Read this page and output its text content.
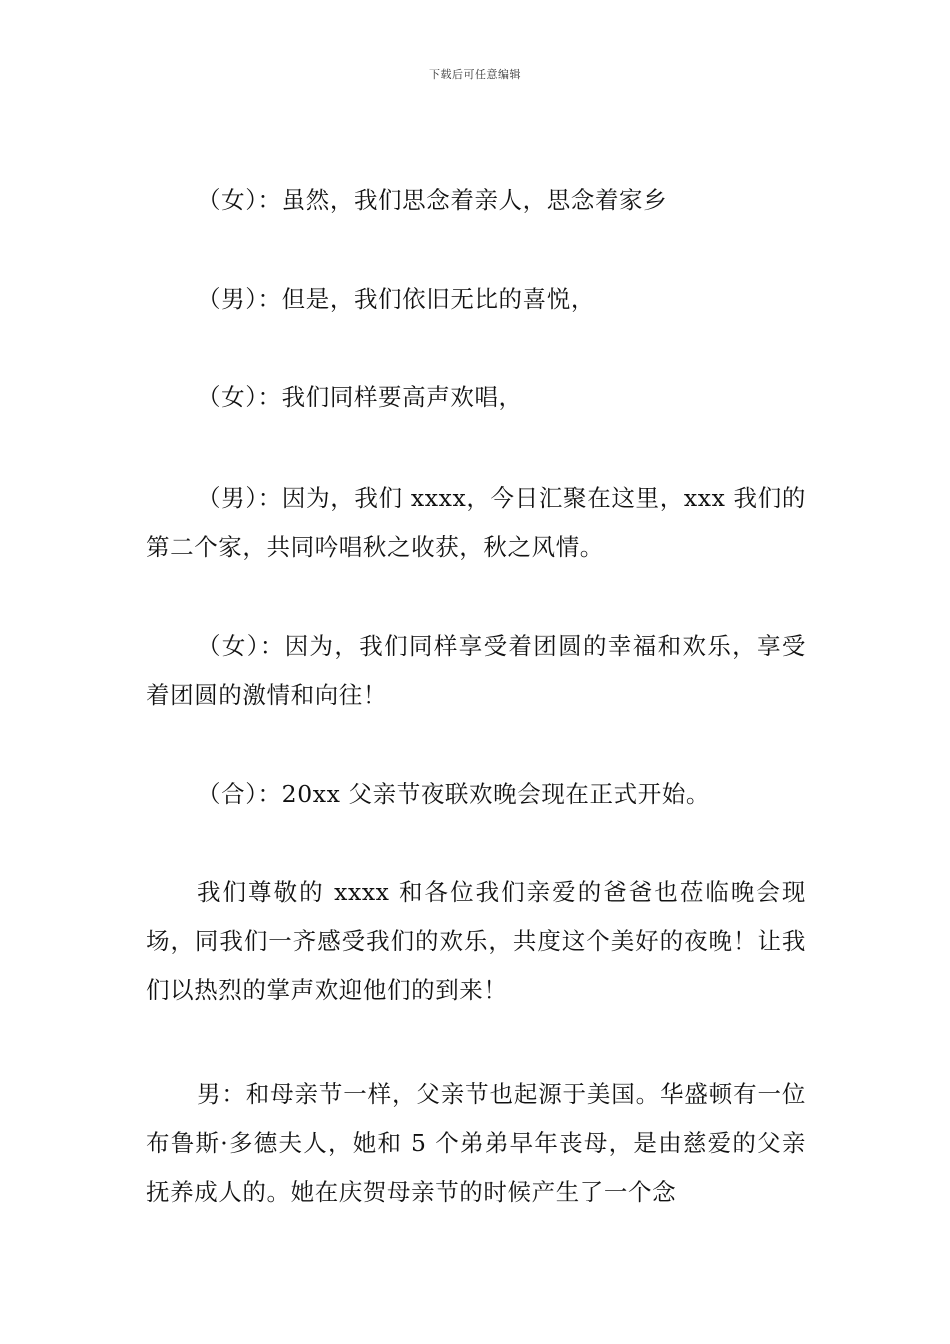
下载后可任意编辑

（女）：虽然，我们思念着亲人，思念着家乡

（男）：但是，我们依旧无比的喜悦，

（女）：我们同样要高声欢唱，

（男）：因为，我们 xxxx，今日汇聚在这里，xxx 我们的第二个家，共同吟唱秋之收获，秋之风情。

（女）：因为，我们同样享受着团圆的幸福和欢乐，享受着团圆的激情和向往！

（合）：20xx 父亲节夜联欢晚会现在正式开始。

我们尊敬的 xxxx 和各位我们亲爱的爸爸也莅临晚会现场，同我们一齐感受我们的欢乐，共度这个美好的夜晚！让我们以热烈的掌声欢迎他们的到来！

男：和母亲节一样，父亲节也起源于美国。华盛顿有一位布鲁斯·多德夫人，她和 5 个弟弟早年丧母，是由慈爱的父亲抚养成人的。她在庆贺母亲节的时候产生了一个念
